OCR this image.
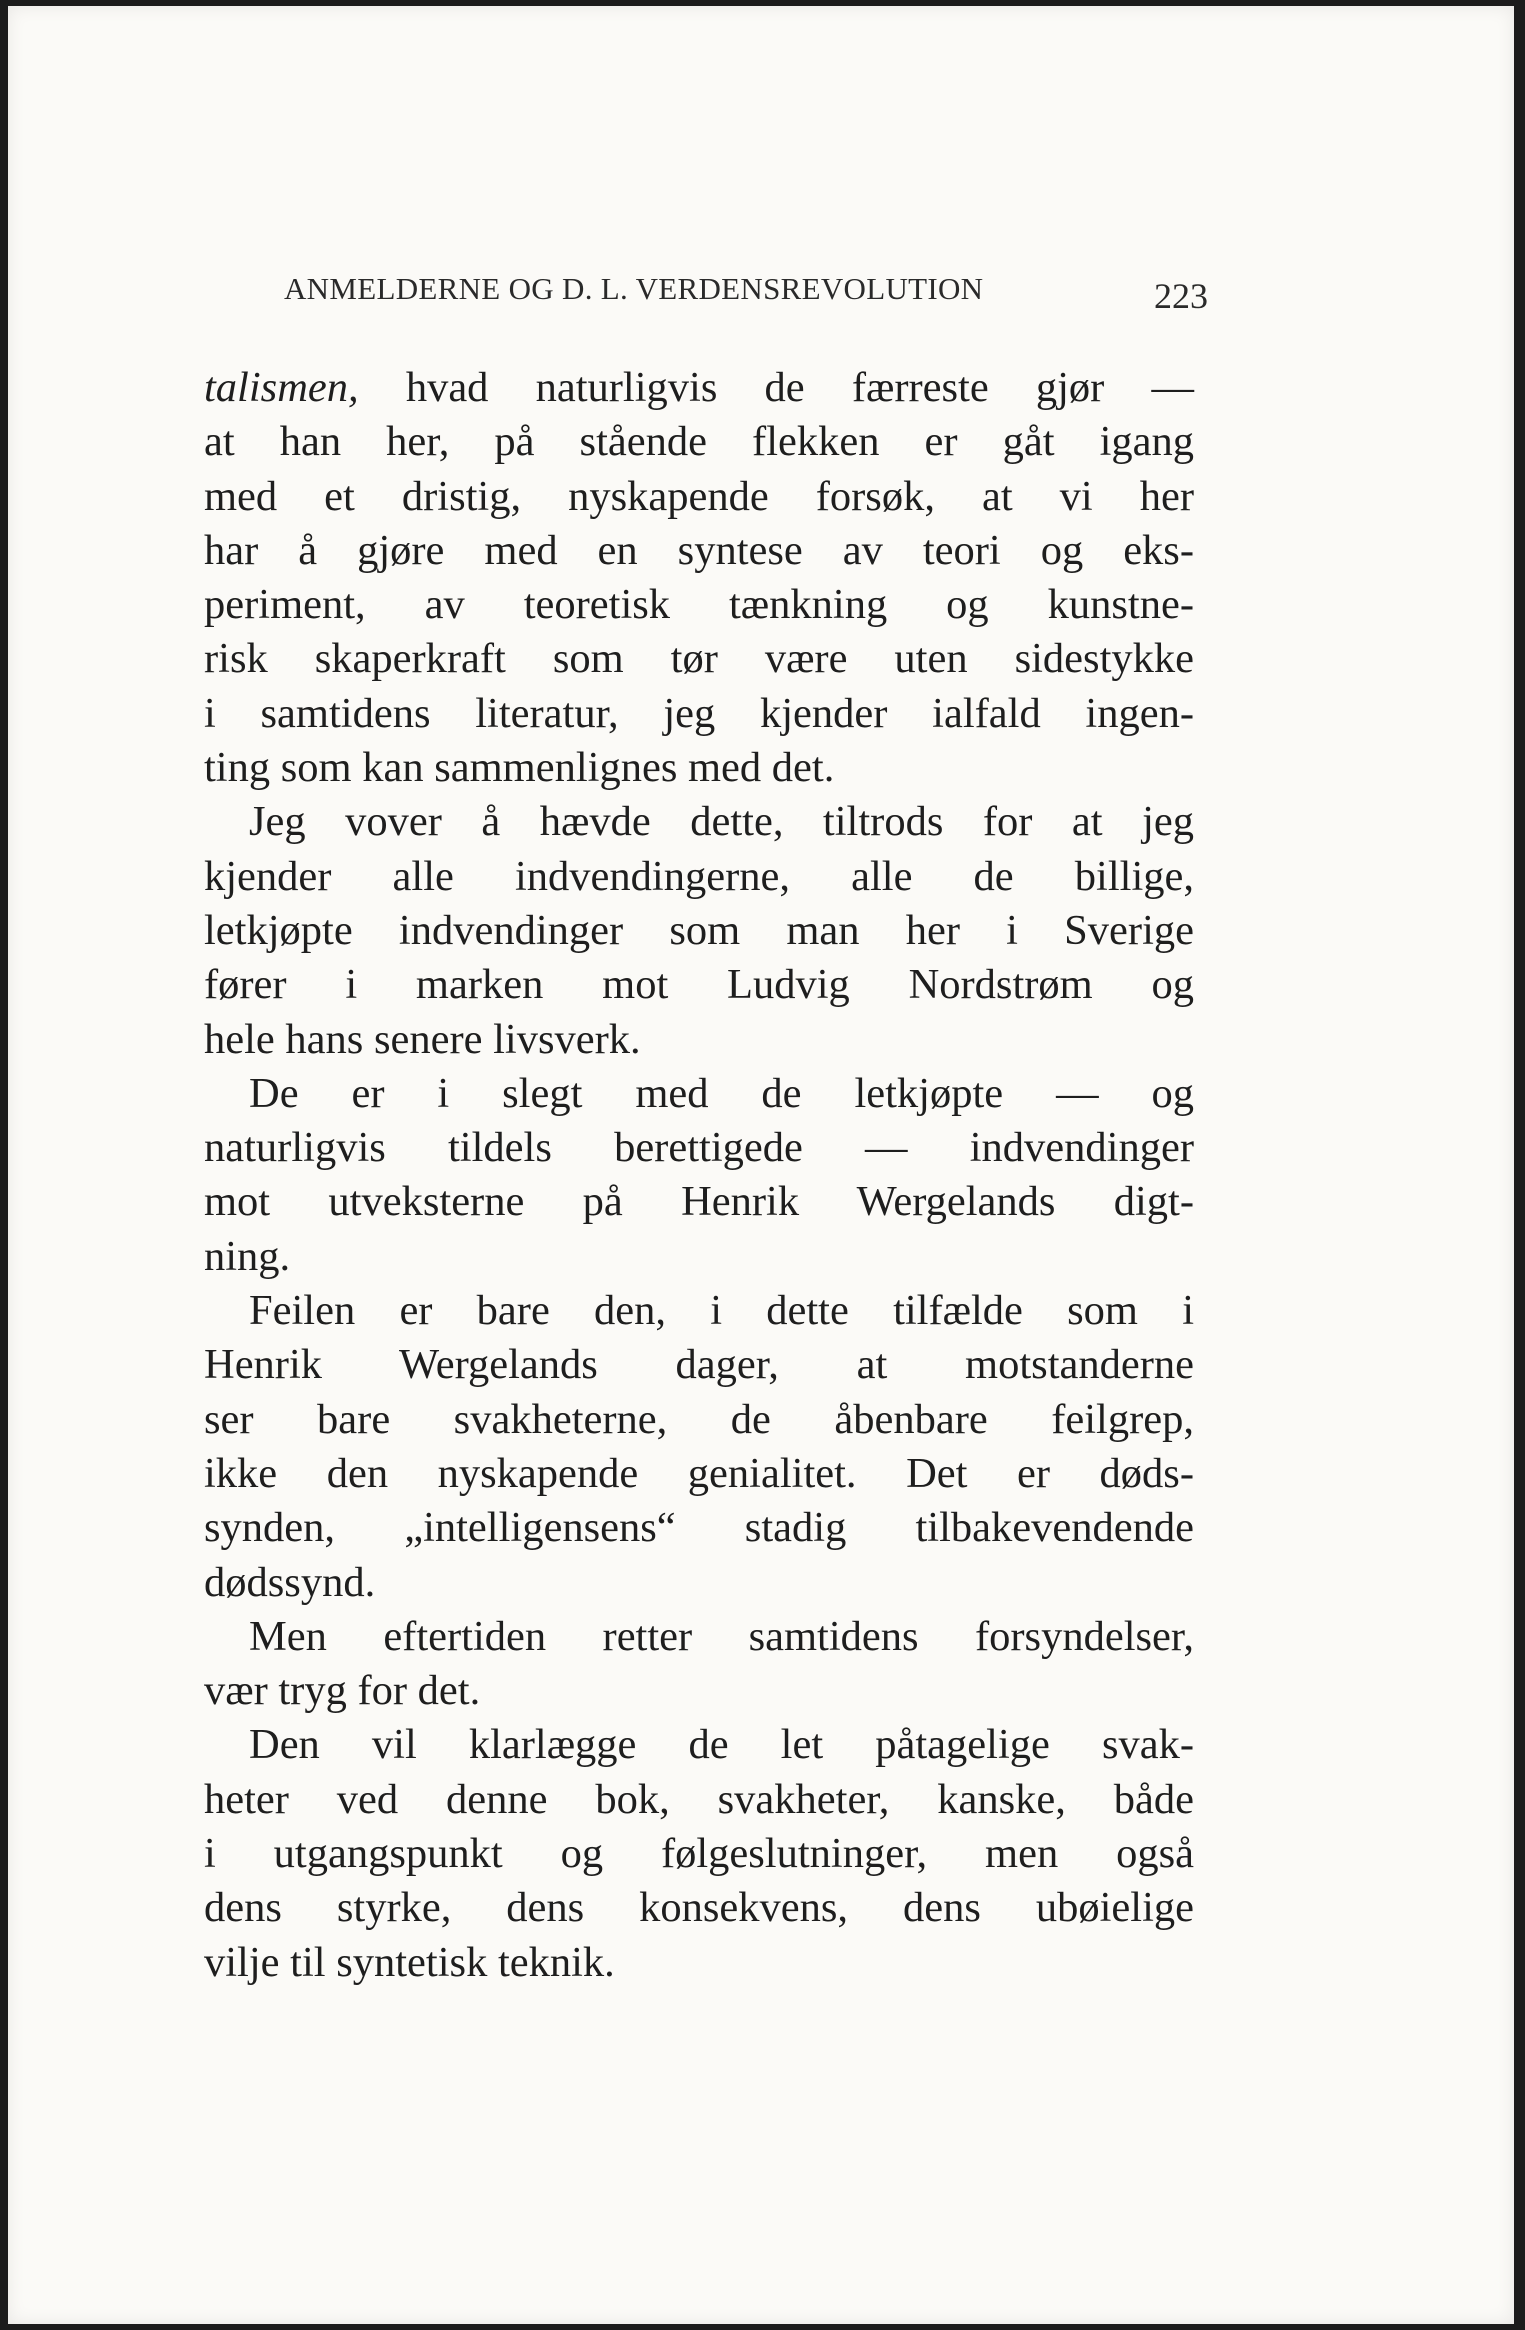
ANMELDERNE OG D. L. VERDENSREVOLUTION	223
talismen, hvad naturligvis de færreste gjør —
at han her, på stående flekken er gåt igang
med et dristig, nyskapende forsøk, at vi her
har å gjøre med en syntese av teori og eks-
periment, av teoretisk tænkning og kunstne-
risk skaperkraft som tør være uten sidestykke
i samtidens literatur, jeg kjender ialfald ingen-
ting som kan sammenlignes med det.
Jeg vover å hævde dette, tiltrods for at jeg
kjender alle indvendingerne, alle de billige,
letkjøpte indvendinger som man her i Sverige
fører i marken mot Ludvig Nordstrøm og
hele hans senere livsverk.
De er i slegt med de letkjøpte — og
naturligvis tildels berettigede — indvendinger
mot utveksterne på Henrik Wergelands digt-
ning.
Feilen er bare den, i dette tilfælde som i
Henrik Wergelands dager, at motstanderne
ser bare svakheterne, de åbenbare feilgrep,
ikke den nyskapende genialitet. Det er døds-
synden, „intelligensens“ stadig tilbakevendende
dødssynd.
Men eftertiden retter samtidens forsyndelser,
vær tryg for det.
Den vil klarlægge de let påtagelige svak-
heter ved denne bok, svakheter, kanske, både
i utgangspunkt og følgeslutninger, men også
dens styrke, dens konsekvens, dens ubøielige
vilje til syntetisk teknik.
